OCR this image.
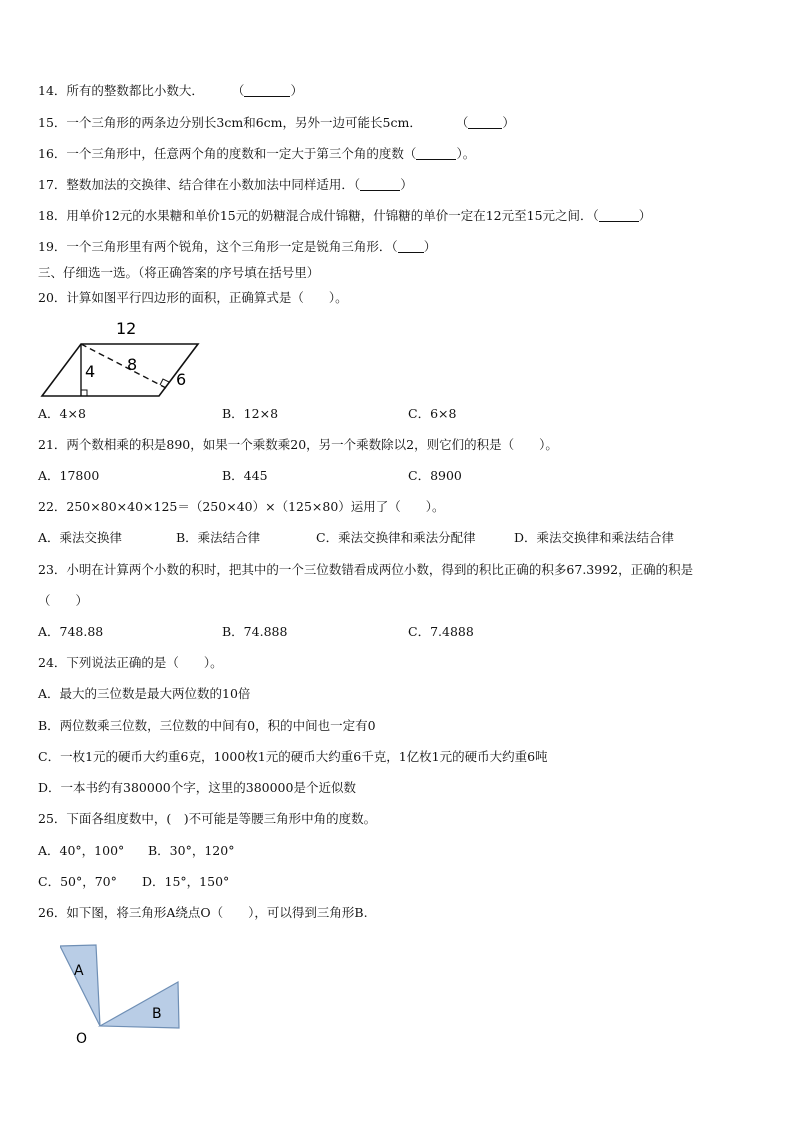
14．所有的整数都比小数大． （	）
15．一个三角形的两条边分别长3cm和6cm，另外一边可能长5cm．	（	）
16．一个三角形中，任意两个角的度数和一定大于第三个角的度数（	）。
17．整数加法的交换律、结合律在小数加法中同样适用．（	）
18．用单价12元的水果糖和单价15元的奶糖混合成什锦糖，什锦糖的单价一定在12元至15元之间．（	）
19．一个三角形里有两个锐角，这个三角形一定是锐角三角形．（ ）
三、仔细选一选。（将正确答案的序号填在括号里）
20．计算如图平行四边形的面积，正确算式是（　　）。
12
8
4	6
A．4×8	B．12×8	C．6×8
21．两个数相乘的积是890，如果一个乘数乘20，另一个乘数除以2，则它们的积是（　　）。
A．17800	B．445	C．8900
22．250×80×40×125＝（250×40）×（125×80）运用了（　　）。
A．乘法交换律	B．乘法结合律	C．乘法交换律和乘法分配律	D．乘法交换律和乘法结合律
23．小明在计算两个小数的积时，把其中的一个三位数错看成两位小数，得到的积比正确的积多67.3992，正确的积是
（　　）
A．748.88	B．74.888	C．7.4888
24．下列说法正确的是（　　）。
A．最大的三位数是最大两位数的10倍
B．两位数乘三位数，三位数的中间有0，积的中间也一定有0
C．一枚1元的硬币大约重6克，1000枚1元的硬币大约重6千克，1亿枚1元的硬币大约重6吨
D．一本书约有380000个字，这里的380000是个近似数
25．下面各组度数中，(　)不可能是等腰三角形中角的度数。
A．40°，100° B．30°，120°
C．50°，70° D．15°，150°
26．如下图，将三角形A绕点O（　　），可以得到三角形B.
A
B
O
